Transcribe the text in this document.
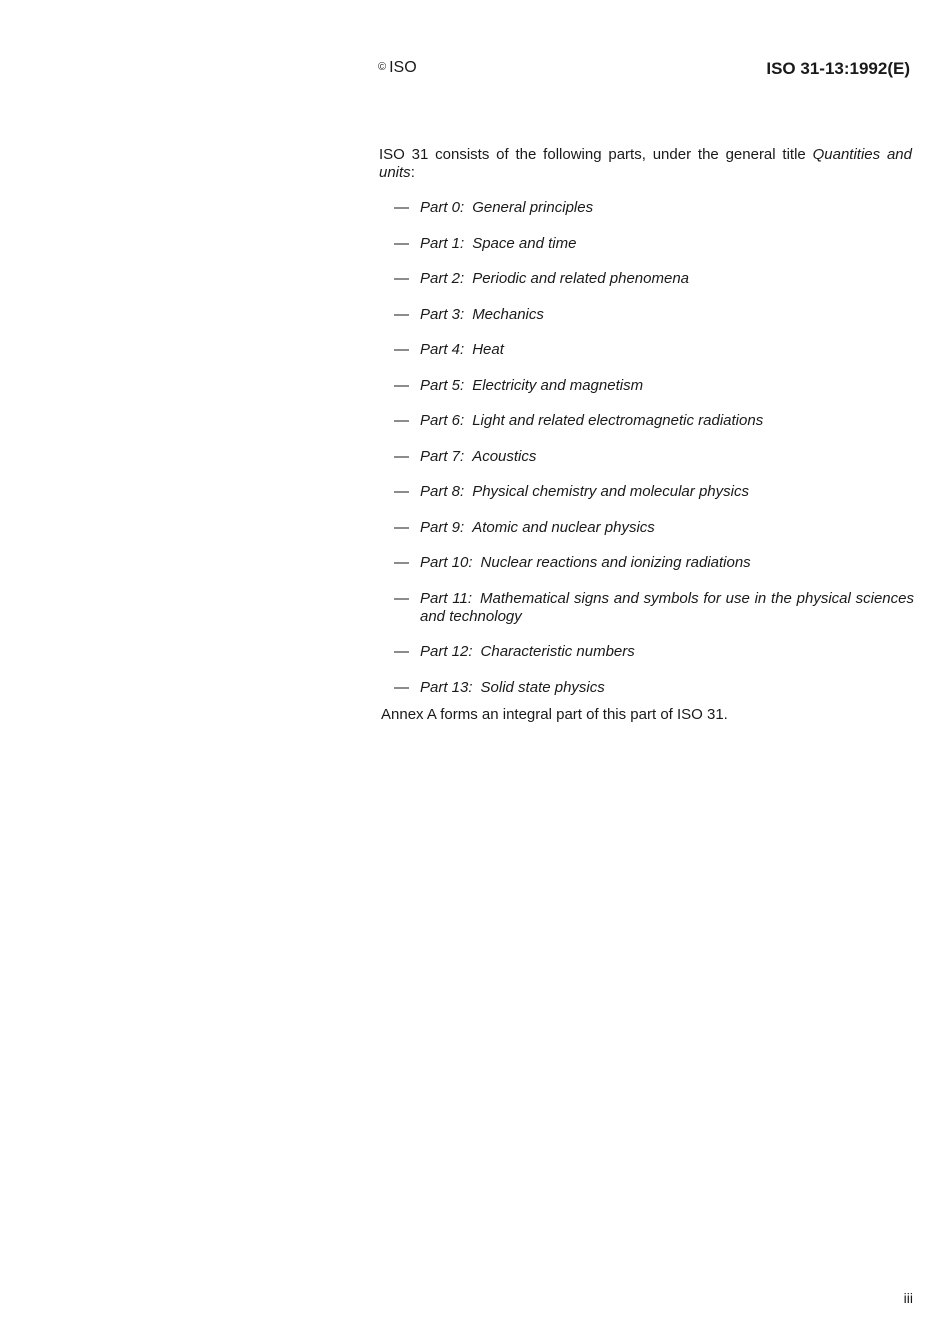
© ISO	ISO 31-13:1992(E)

ISO 31 consists of the following parts, under the general title Quantities and units:

— Part 0: General principles
— Part 1: Space and time
— Part 2: Periodic and related phenomena
— Part 3: Mechanics
— Part 4: Heat
— Part 5: Electricity and magnetism
— Part 6: Light and related electromagnetic radiations
— Part 7: Acoustics
— Part 8: Physical chemistry and molecular physics
— Part 9: Atomic and nuclear physics
— Part 10: Nuclear reactions and ionizing radiations
— Part 11: Mathematical signs and symbols for use in the physical sciences and technology
— Part 12: Characteristic numbers
— Part 13: Solid state physics

Annex A forms an integral part of this part of ISO 31.

iii
